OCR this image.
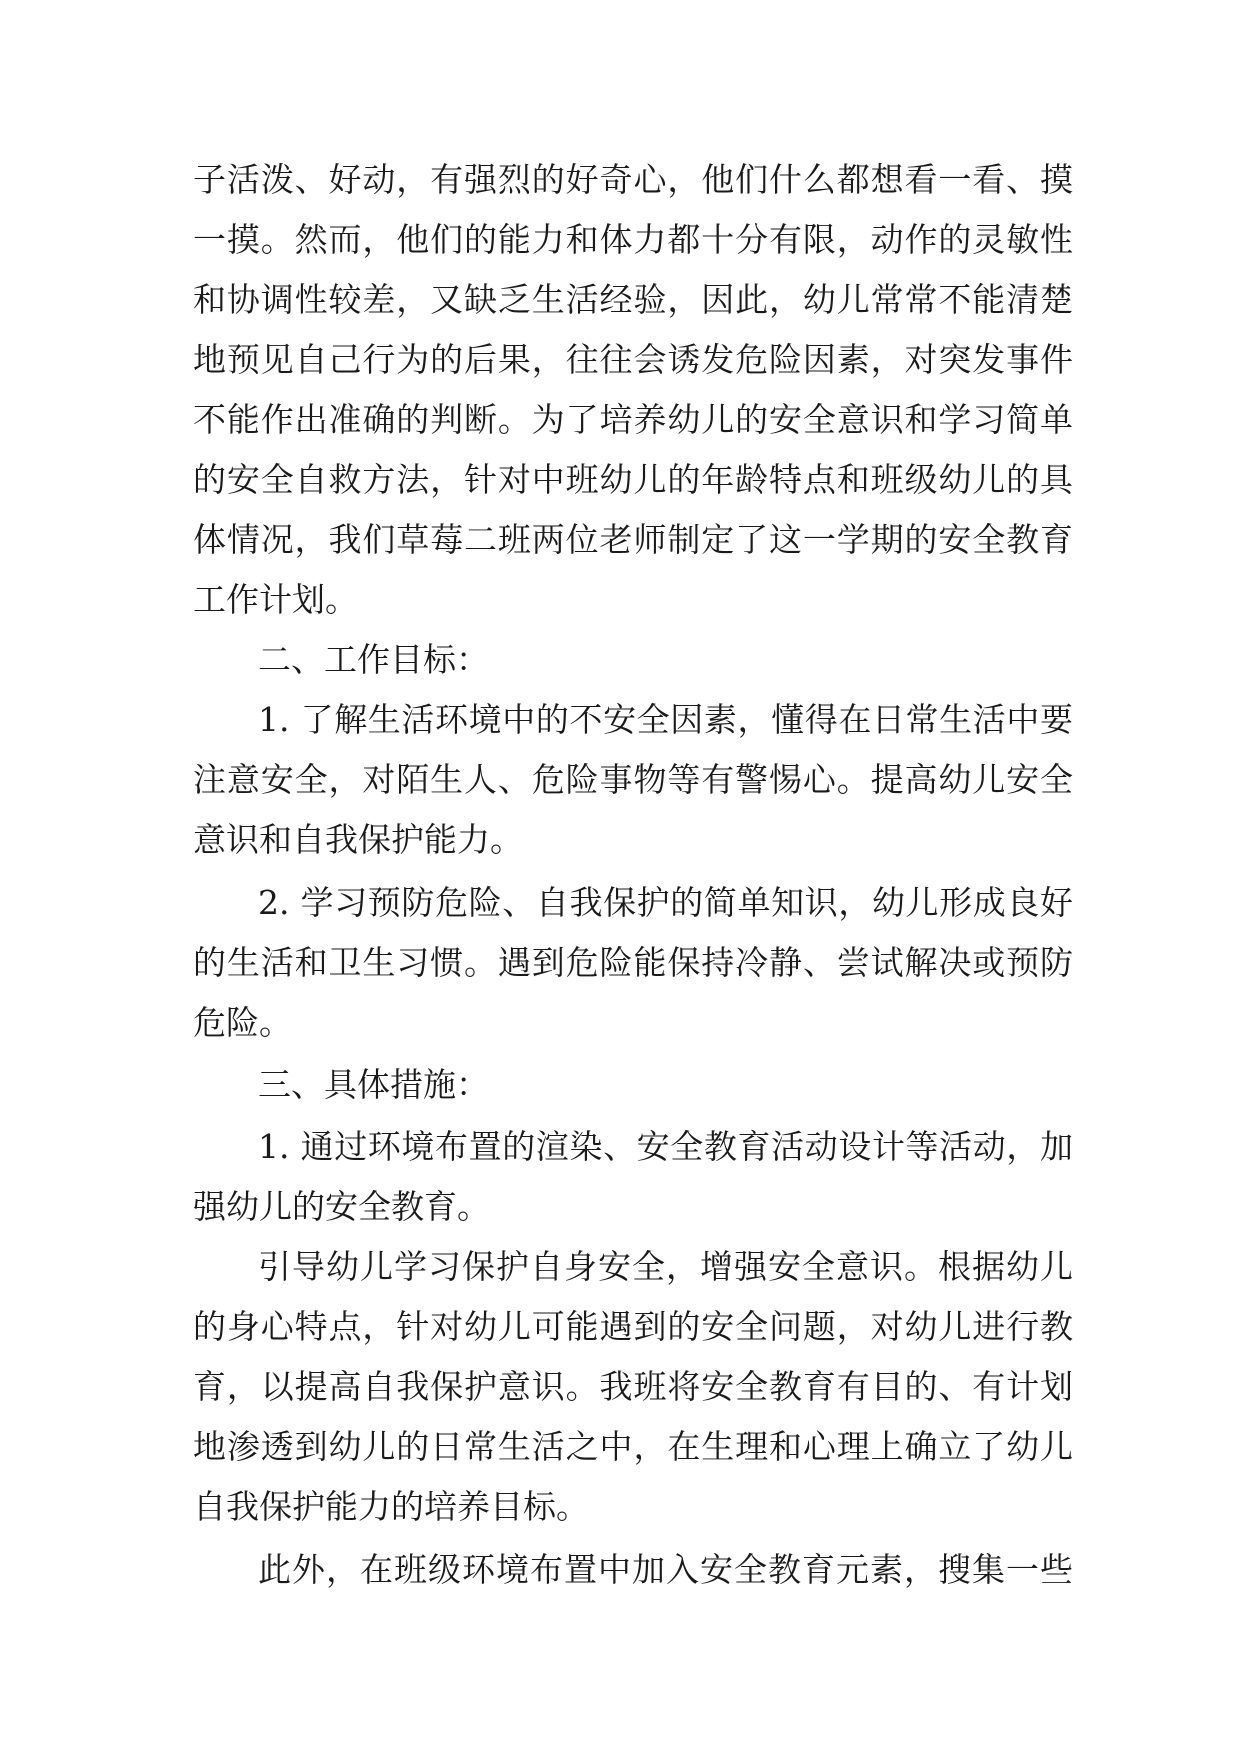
子活泼、好动，有强烈的好奇心，他们什么都想看一看、摸

一摸。然而，他们的能力和体力都十分有限，动作的灵敏性

和协调性较差，又缺乏生活经验，因此，幼儿常常不能清楚

地预见自己行为的后果，往往会诱发危险因素，对突发事件

不能作出准确的判断。为了培养幼儿的安全意识和学习简单

的安全自救方法，针对中班幼儿的年龄特点和班级幼儿的具

体情况，我们草莓二班两位老师制定了这一学期的安全教育

工作计划。

二、工作目标：

1. 了解生活环境中的不安全因素，懂得在日常生活中要

注意安全，对陌生人、危险事物等有警惕心。提高幼儿安全

意识和自我保护能力。

2. 学习预防危险、自我保护的简单知识，幼儿形成良好

的生活和卫生习惯。遇到危险能保持冷静、尝试解决或预防

危险。

三、具体措施：

1. 通过环境布置的渲染、安全教育活动设计等活动，加

强幼儿的安全教育。

引导幼儿学习保护自身安全，增强安全意识。根据幼儿

的身心特点，针对幼儿可能遇到的安全问题，对幼儿进行教

育，以提高自我保护意识。我班将安全教育有目的、有计划

地渗透到幼儿的日常生活之中，在生理和心理上确立了幼儿

自我保护能力的培养目标。

此外，在班级环境布置中加入安全教育元素，搜集一些
